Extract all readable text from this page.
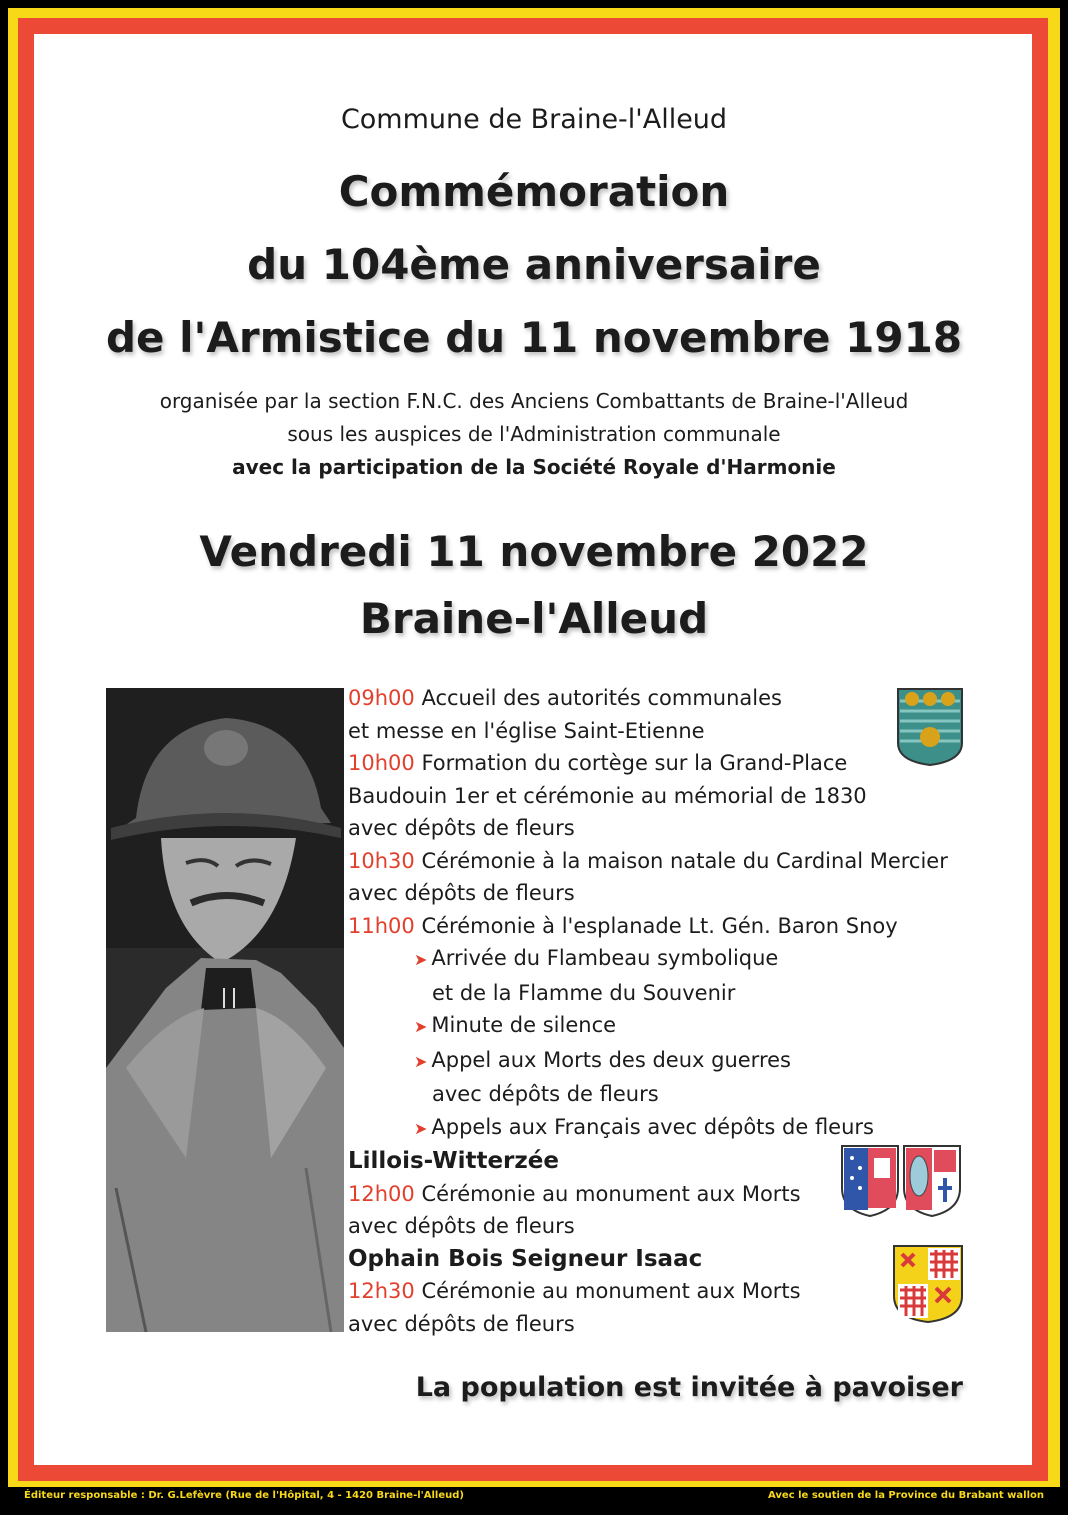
Commune de Braine-l'Alleud
Commémoration
du 104ème anniversaire
de l'Armistice du 11 novembre 1918
organisée par la section F.N.C. des Anciens Combattants de Braine-l'Alleud
sous les auspices de l'Administration communale
avec la participation de la Société Royale d'Harmonie
Vendredi 11 novembre 2022
Braine-l'Alleud
09h00 Accueil des autorités communales
et messe en l'église Saint-Etienne
10h00 Formation du cortège sur la Grand-Place
Baudouin 1er et cérémonie au mémorial de 1830
avec dépôts de fleurs
10h30 Cérémonie à la maison natale du Cardinal Mercier
avec dépôts de fleurs
11h00 Cérémonie à l'esplanade Lt. Gén. Baron Snoy
➤ Arrivée du Flambeau symbolique
et de la Flamme du Souvenir
➤ Minute de silence
➤ Appel aux Morts des deux guerres
avec dépôts de fleurs
➤ Appels aux Français avec dépôts de fleurs
Lillois-Witterzée
12h00 Cérémonie au monument aux Morts
avec dépôts de fleurs
Ophain Bois Seigneur Isaac
12h30 Cérémonie au monument aux Morts
avec dépôts de fleurs
La population est invitée à pavoiser
Éditeur responsable : Dr. G.Lefèvre (Rue de l'Hôpital, 4 - 1420 Braine-l'Alleud)	Avec le soutien de la Province du Brabant wallon
